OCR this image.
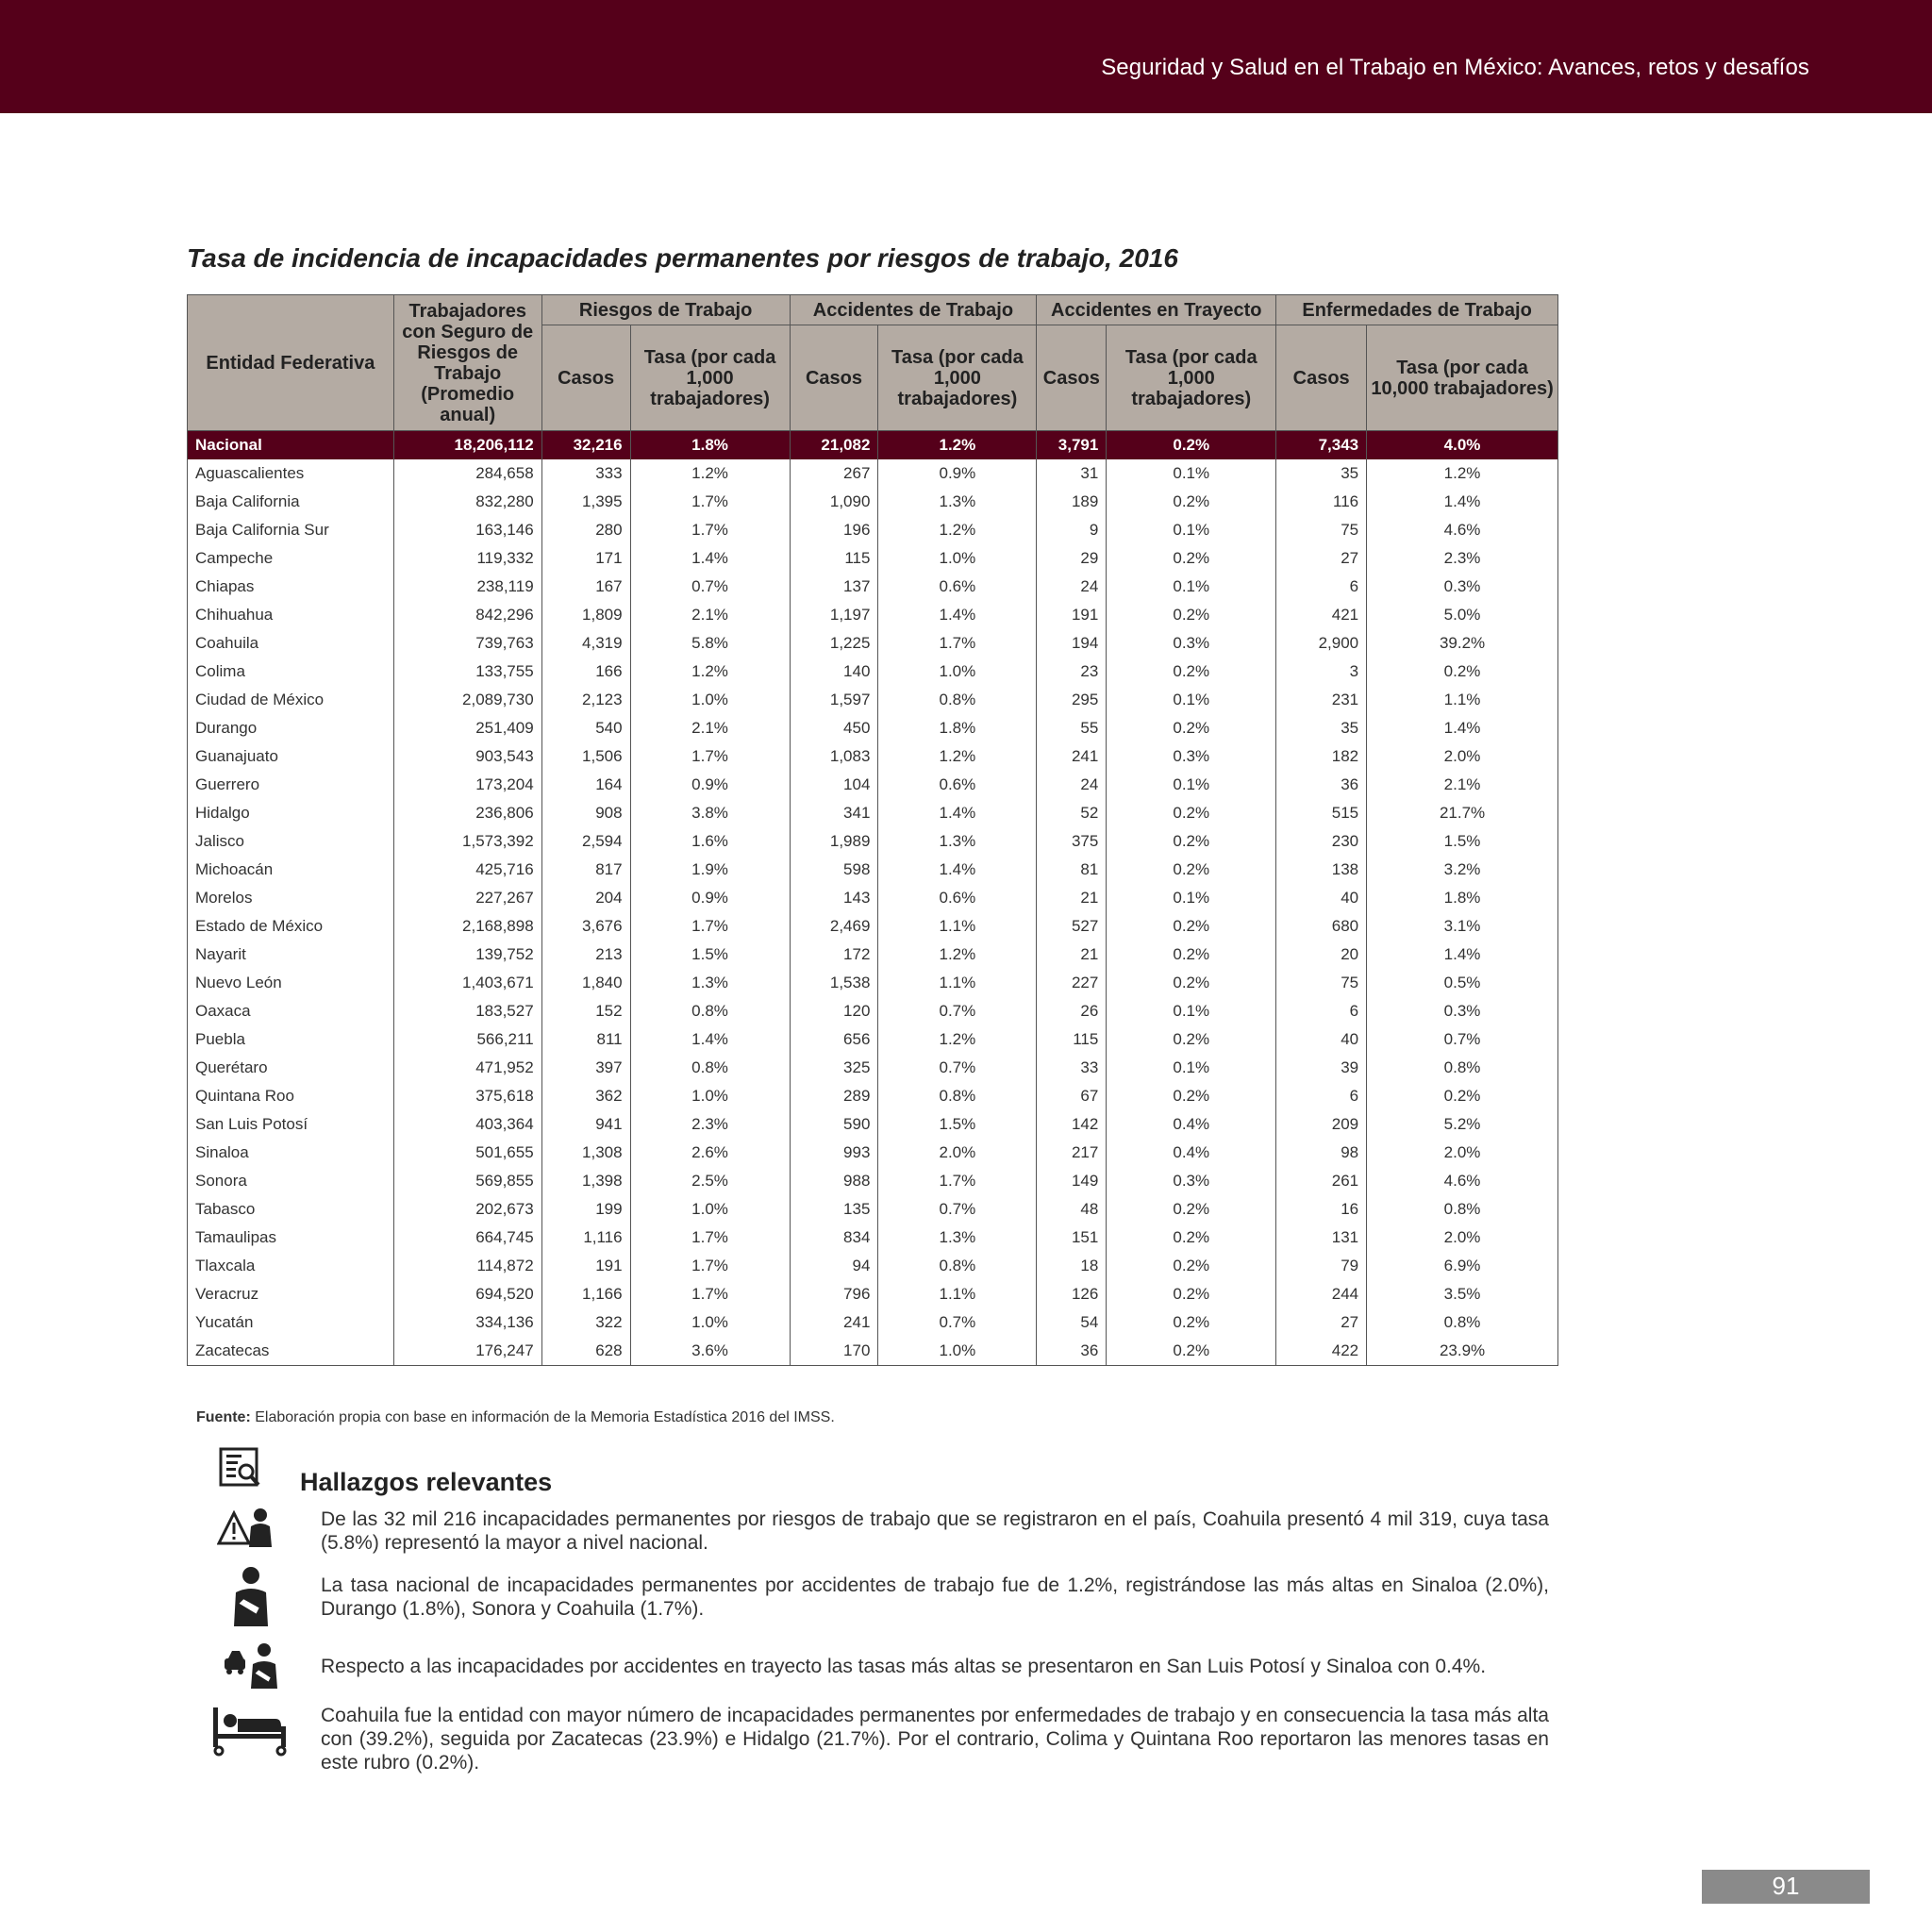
Seguridad y Salud en el Trabajo en México: Avances, retos y desafíos
Tasa de incidencia de incapacidades permanentes por riesgos de trabajo, 2016
Entidad Federativa	Trabajadores con Seguro de Riesgos de Trabajo (Promedio anual)	Riesgos de Trabajo		Accidentes de Trabajo		Accidentes en Trayecto		Enfermedades de Trabajo	
		Casos	Tasa (por cada 1,000 trabajadores)	Casos	Tasa (por cada 1,000 trabajadores)	Casos	Tasa (por cada 1,000 trabajadores)	Casos	Tasa (por cada 10,000 trabajadores)
Nacional	18,206,112	32,216	1.8%	21,082	1.2%	3,791	0.2%	7,343	4.0%
Aguascalientes	284,658	333	1.2%	267	0.9%	31	0.1%	35	1.2%
Baja California	832,280	1,395	1.7%	1,090	1.3%	189	0.2%	116	1.4%
Baja California Sur	163,146	280	1.7%	196	1.2%	9	0.1%	75	4.6%
Campeche	119,332	171	1.4%	115	1.0%	29	0.2%	27	2.3%
Chiapas	238,119	167	0.7%	137	0.6%	24	0.1%	6	0.3%
Chihuahua	842,296	1,809	2.1%	1,197	1.4%	191	0.2%	421	5.0%
Coahuila	739,763	4,319	5.8%	1,225	1.7%	194	0.3%	2,900	39.2%
Colima	133,755	166	1.2%	140	1.0%	23	0.2%	3	0.2%
Ciudad de México	2,089,730	2,123	1.0%	1,597	0.8%	295	0.1%	231	1.1%
Durango	251,409	540	2.1%	450	1.8%	55	0.2%	35	1.4%
Guanajuato	903,543	1,506	1.7%	1,083	1.2%	241	0.3%	182	2.0%
Guerrero	173,204	164	0.9%	104	0.6%	24	0.1%	36	2.1%
Hidalgo	236,806	908	3.8%	341	1.4%	52	0.2%	515	21.7%
Jalisco	1,573,392	2,594	1.6%	1,989	1.3%	375	0.2%	230	1.5%
Michoacán	425,716	817	1.9%	598	1.4%	81	0.2%	138	3.2%
Morelos	227,267	204	0.9%	143	0.6%	21	0.1%	40	1.8%
Estado de México	2,168,898	3,676	1.7%	2,469	1.1%	527	0.2%	680	3.1%
Nayarit	139,752	213	1.5%	172	1.2%	21	0.2%	20	1.4%
Nuevo León	1,403,671	1,840	1.3%	1,538	1.1%	227	0.2%	75	0.5%
Oaxaca	183,527	152	0.8%	120	0.7%	26	0.1%	6	0.3%
Puebla	566,211	811	1.4%	656	1.2%	115	0.2%	40	0.7%
Querétaro	471,952	397	0.8%	325	0.7%	33	0.1%	39	0.8%
Quintana Roo	375,618	362	1.0%	289	0.8%	67	0.2%	6	0.2%
San Luis Potosí	403,364	941	2.3%	590	1.5%	142	0.4%	209	5.2%
Sinaloa	501,655	1,308	2.6%	993	2.0%	217	0.4%	98	2.0%
Sonora	569,855	1,398	2.5%	988	1.7%	149	0.3%	261	4.6%
Tabasco	202,673	199	1.0%	135	0.7%	48	0.2%	16	0.8%
Tamaulipas	664,745	1,116	1.7%	834	1.3%	151	0.2%	131	2.0%
Tlaxcala	114,872	191	1.7%	94	0.8%	18	0.2%	79	6.9%
Veracruz	694,520	1,166	1.7%	796	1.1%	126	0.2%	244	3.5%
Yucatán	334,136	322	1.0%	241	0.7%	54	0.2%	27	0.8%
Zacatecas	176,247	628	3.6%	170	1.0%	36	0.2%	422	23.9%
Fuente: Elaboración propia con base en información de la Memoria Estadística 2016 del IMSS.
Hallazgos relevantes
De las 32 mil 216 incapacidades permanentes por riesgos de trabajo que se registraron en el país, Coahuila presentó 4 mil 319, cuya tasa (5.8%) representó la mayor a nivel nacional.
La tasa nacional de incapacidades permanentes por accidentes de trabajo fue de 1.2%, registrándose las más altas en Sinaloa (2.0%), Durango (1.8%), Sonora y Coahuila (1.7%).
Respecto a las incapacidades por accidentes en trayecto las tasas más altas se presentaron en San Luis Potosí y Sinaloa con 0.4%.
Coahuila fue la entidad con mayor número de incapacidades permanentes por enfermedades de trabajo y en consecuencia la tasa más alta con (39.2%), seguida por Zacatecas (23.9%) e Hidalgo (21.7%). Por el contrario, Colima y Quintana Roo reportaron las menores tasas en este rubro (0.2%).
91
